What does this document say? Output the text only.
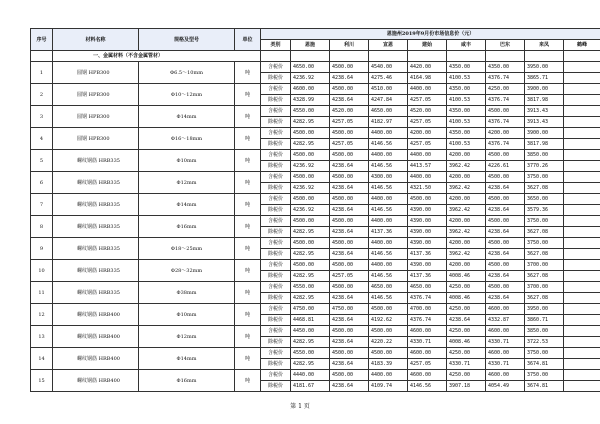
序号	材料名称	规格及型号	单位	恩施州2019年9月份市场信息价（元）								
				类别	恩施	利川	宣恩	建始	咸丰	巴东	来凤	鹤峰
	一、金属材料（不含金属管材）											
1	圆钢 HPB300	Φ6.5～10mm	吨	含税价	4650.00	4500.00	4540.00	4420.00	4350.00	4350.00	3950.00	
				除税价	4236.92	4238.64	4275.46	4164.98	4100.53	4376.74	3865.71	
2	圆钢 HPB300	Φ10～12mm	吨	含税价	4600.00	4500.00	4510.00	4400.00	4350.00	4250.00	3900.00	
				除税价	4328.99	4238.64	4247.84	4257.05	4100.53	4376.74	3817.98	
3	圆钢 HPB300	Φ14mm	吨	含税价	4550.00	4520.00	4650.00	4520.00	4350.00	4500.00	3913.43	
				除税价	4282.95	4257.05	4182.97	4257.05	4100.53	4376.74	3913.43	
4	圆钢 HPB300	Φ16～18mm	吨	含税价	4500.00	4500.00	4400.00	4200.00	4350.00	4200.00	3900.00	
				除税价	4282.95	4257.05	4146.56	4257.05	4100.53	4376.74	3817.98	
5	螺纹钢筋 HRB335	Φ10mm	吨	含税价	4500.00	4500.00	4400.00	4400.00	4200.00	4500.00	3850.00	
				除税价	4236.92	4238.64	4146.56	4413.57	3962.42	4226.61	3770.26	
6	螺纹钢筋 HRB335	Φ12mm	吨	含税价	4500.00	4500.00	4300.00	4400.00	4200.00	4500.00	3750.00	
				除税价	4236.92	4238.64	4146.56	4321.50	3962.42	4238.64	3627.08	
7	螺纹钢筋 HRB335	Φ14mm	吨	含税价	4500.00	4500.00	4400.00	4500.00	4200.00	4500.00	3650.00	
				除税价	4236.92	4238.64	4146.56	4390.00	3962.42	4238.64	3579.36	
8	螺纹钢筋 HRB335	Φ16mm	吨	含税价	4500.00	4500.00	4400.00	4390.00	4200.00	4500.00	3750.00	
				除税价	4282.95	4238.64	4137.36	4390.00	3962.42	4238.64	3627.08	
9	螺纹钢筋 HRB335	Φ18～25mm	吨	含税价	4500.00	4500.00	4400.00	4390.00	4200.00	4500.00	3750.00	
				除税价	4282.95	4238.64	4146.56	4137.36	3962.42	4238.64	3627.08	
10	螺纹钢筋 HRB335	Φ28～32mm	吨	含税价	4500.00	4500.00	4400.00	4390.00	4200.00	4500.00	3700.00	
				除税价	4282.95	4257.05	4146.56	4137.36	4008.46	4238.64	3627.08	
11	螺纹钢筋 HRB335	Φ38mm	吨	含税价	4550.00	4500.00	4650.00	4650.00	4250.00	4500.00	3700.00	
				除税价	4282.95	4238.64	4146.56	4376.74	4008.46	4238.64	3627.08	
12	螺纹钢筋 HRB400	Φ10mm	吨	含税价	4750.00	4750.00	4500.00	4700.00	4250.00	4600.00	3950.00	
				除税价	4468.81	4238.64	4192.62	4376.74	4238.64	4332.87	3860.71	
13	螺纹钢筋 HRB400	Φ12mm	吨	含税价	4450.00	4500.00	4500.00	4600.00	4250.00	4600.00	3850.00	
				除税价	4282.95	4238.64	4220.22	4330.71	4008.46	4330.71	3722.53	
14	螺纹钢筋 HRB400	Φ14mm	吨	含税价	4550.00	4500.00	4500.00	4600.00	4250.00	4600.00	3750.00	
				除税价	4282.95	4238.64	4183.39	4257.05	4330.71	4330.71	3674.81	
15	螺纹钢筋 HRB400	Φ16mm	吨	含税价	4440.00	4500.00	4400.00	4600.00	4250.00	4600.00	3750.00	
				除税价	4181.67	4238.64	4109.74	4146.56	3907.18	4054.49	3674.81	
第 1 页
